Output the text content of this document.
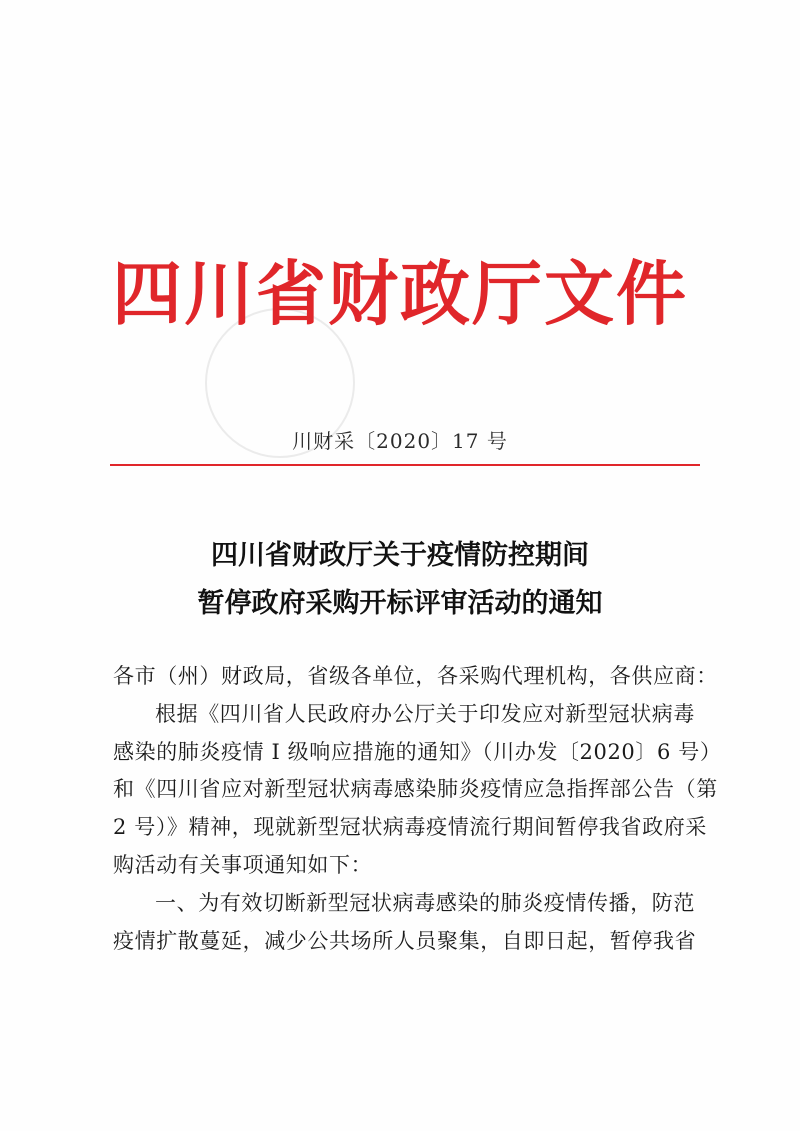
四川省财政厅文件
川财采〔2020〕17 号
四川省财政厅关于疫情防控期间
暂停政府采购开标评审活动的通知
各市（州）财政局，省级各单位，各采购代理机构，各供应商：
根据《四川省人民政府办公厅关于印发应对新型冠状病毒
感染的肺炎疫情 I 级响应措施的通知》（川办发〔2020〕6 号）
和《四川省应对新型冠状病毒感染肺炎疫情应急指挥部公告（第
2 号）》精神，现就新型冠状病毒疫情流行期间暂停我省政府采
购活动有关事项通知如下：
一、为有效切断新型冠状病毒感染的肺炎疫情传播，防范
疫情扩散蔓延，减少公共场所人员聚集，自即日起，暂停我省
